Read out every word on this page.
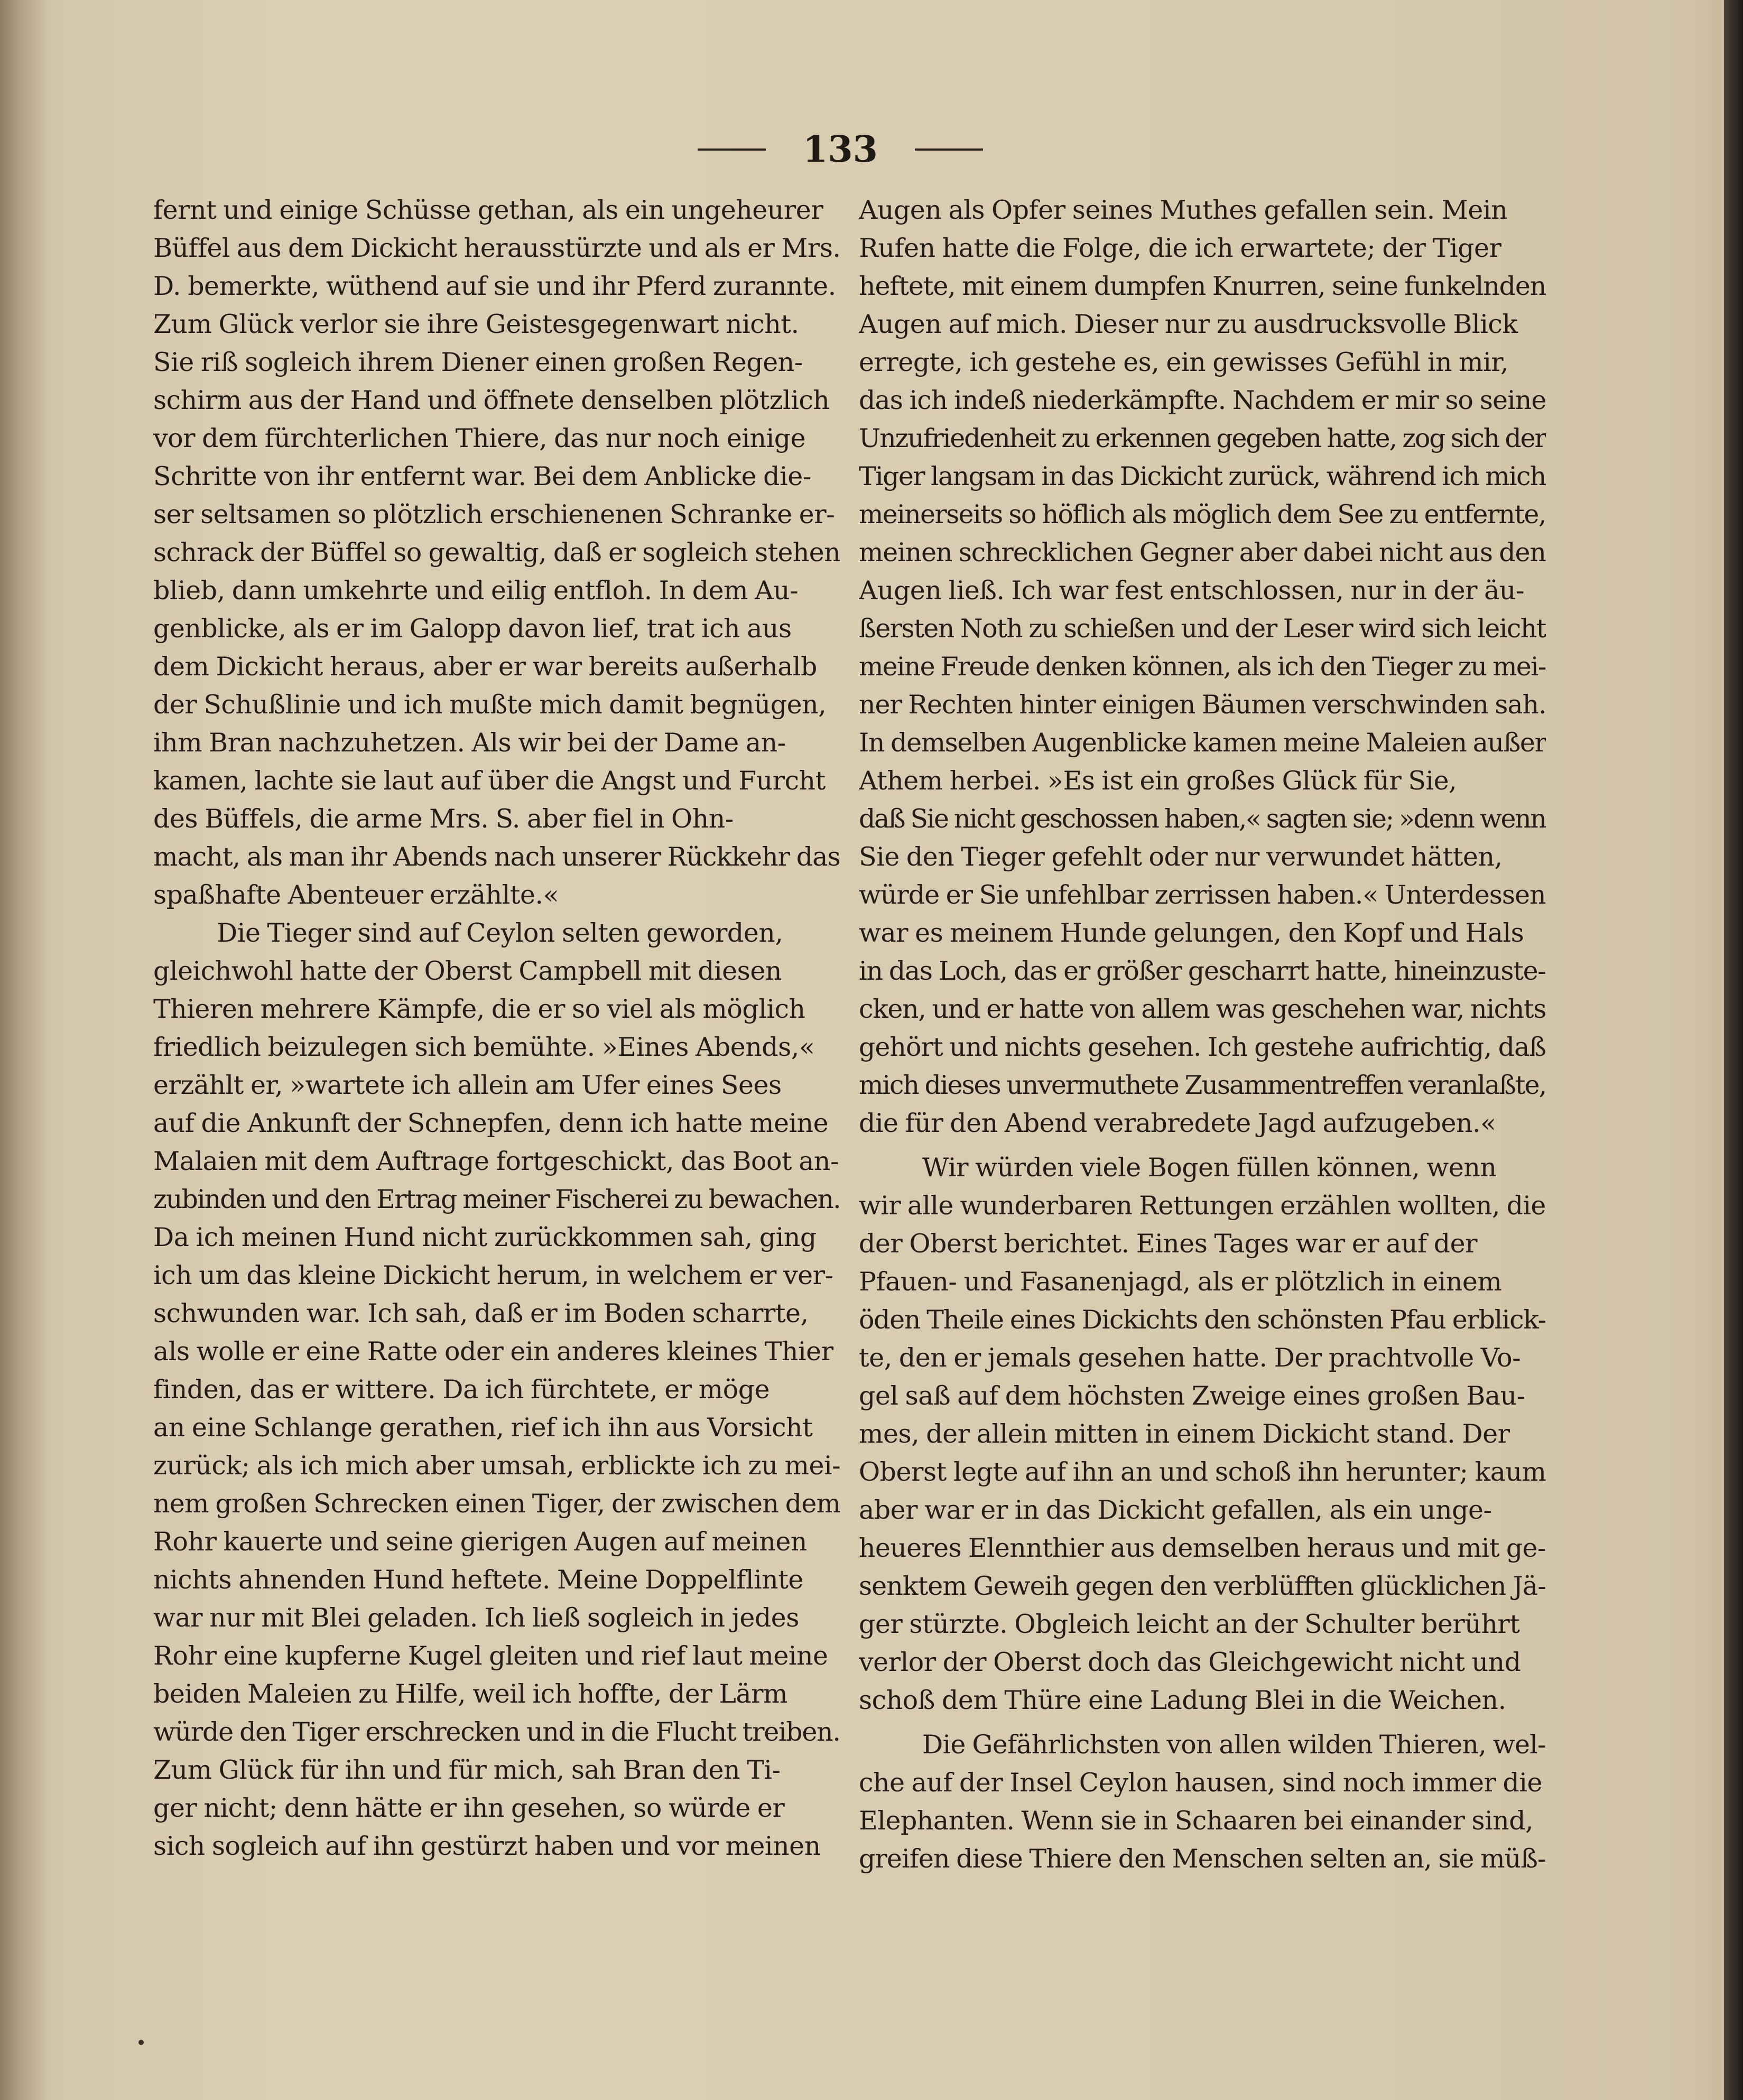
133
fernt und einige Schüsse gethan, als ein ungeheurer
Büffel aus dem Dickicht herausstürzte und als er Mrs.
D. bemerkte, wüthend auf sie und ihr Pferd zurannte.
Zum Glück verlor sie ihre Geistesgegenwart nicht.
Sie riß sogleich ihrem Diener einen großen Regen-
schirm aus der Hand und öffnete denselben plötzlich
vor dem fürchterlichen Thiere, das nur noch einige
Schritte von ihr entfernt war. Bei dem Anblicke die-
ser seltsamen so plötzlich erschienenen Schranke er-
schrack der Büffel so gewaltig, daß er sogleich stehen
blieb, dann umkehrte und eilig entfloh. In dem Au-
genblicke, als er im Galopp davon lief, trat ich aus
dem Dickicht heraus, aber er war bereits außerhalb
der Schußlinie und ich mußte mich damit begnügen,
ihm Bran nachzuhetzen. Als wir bei der Dame an-
kamen, lachte sie laut auf über die Angst und Furcht
des Büffels, die arme Mrs. S. aber fiel in Ohn-
macht, als man ihr Abends nach unserer Rückkehr das
spaßhafte Abenteuer erzählte.«
Die Tieger sind auf Ceylon selten geworden,
gleichwohl hatte der Oberst Campbell mit diesen
Thieren mehrere Kämpfe, die er so viel als möglich
friedlich beizulegen sich bemühte. »Eines Abends,«
erzählt er, »wartete ich allein am Ufer eines Sees
auf die Ankunft der Schnepfen, denn ich hatte meine
Malaien mit dem Auftrage fortgeschickt, das Boot an-
zubinden und den Ertrag meiner Fischerei zu bewachen.
Da ich meinen Hund nicht zurückkommen sah, ging
ich um das kleine Dickicht herum, in welchem er ver-
schwunden war. Ich sah, daß er im Boden scharrte,
als wolle er eine Ratte oder ein anderes kleines Thier
finden, das er wittere. Da ich fürchtete, er möge
an eine Schlange gerathen, rief ich ihn aus Vorsicht
zurück; als ich mich aber umsah, erblickte ich zu mei-
nem großen Schrecken einen Tiger, der zwischen dem
Rohr kauerte und seine gierigen Augen auf meinen
nichts ahnenden Hund heftete. Meine Doppelflinte
war nur mit Blei geladen. Ich ließ sogleich in jedes
Rohr eine kupferne Kugel gleiten und rief laut meine
beiden Maleien zu Hilfe, weil ich hoffte, der Lärm
würde den Tiger erschrecken und in die Flucht treiben.
Zum Glück für ihn und für mich, sah Bran den Ti-
ger nicht; denn hätte er ihn gesehen, so würde er
sich sogleich auf ihn gestürzt haben und vor meinen
Augen als Opfer seines Muthes gefallen sein. Mein
Rufen hatte die Folge, die ich erwartete; der Tiger
heftete, mit einem dumpfen Knurren, seine funkelnden
Augen auf mich. Dieser nur zu ausdrucksvolle Blick
erregte, ich gestehe es, ein gewisses Gefühl in mir,
das ich indeß niederkämpfte. Nachdem er mir so seine
Unzufriedenheit zu erkennen gegeben hatte, zog sich der
Tiger langsam in das Dickicht zurück, während ich mich
meinerseits so höflich als möglich dem See zu entfernte,
meinen schrecklichen Gegner aber dabei nicht aus den
Augen ließ. Ich war fest entschlossen, nur in der äu-
ßersten Noth zu schießen und der Leser wird sich leicht
meine Freude denken können, als ich den Tieger zu mei-
ner Rechten hinter einigen Bäumen verschwinden sah.
In demselben Augenblicke kamen meine Maleien außer
Athem herbei. »Es ist ein großes Glück für Sie,
daß Sie nicht geschossen haben,« sagten sie; »denn wenn
Sie den Tieger gefehlt oder nur verwundet hätten,
würde er Sie unfehlbar zerrissen haben.« Unterdessen
war es meinem Hunde gelungen, den Kopf und Hals
in das Loch, das er größer gescharrt hatte, hineinzuste-
cken, und er hatte von allem was geschehen war, nichts
gehört und nichts gesehen. Ich gestehe aufrichtig, daß
mich dieses unvermuthete Zusammentreffen veranlaßte,
die für den Abend verabredete Jagd aufzugeben.«
Wir würden viele Bogen füllen können, wenn
wir alle wunderbaren Rettungen erzählen wollten, die
der Oberst berichtet. Eines Tages war er auf der
Pfauen- und Fasanenjagd, als er plötzlich in einem
öden Theile eines Dickichts den schönsten Pfau erblick-
te, den er jemals gesehen hatte. Der prachtvolle Vo-
gel saß auf dem höchsten Zweige eines großen Bau-
mes, der allein mitten in einem Dickicht stand. Der
Oberst legte auf ihn an und schoß ihn herunter; kaum
aber war er in das Dickicht gefallen, als ein unge-
heueres Elennthier aus demselben heraus und mit ge-
senktem Geweih gegen den verblüfften glücklichen Jä-
ger stürzte. Obgleich leicht an der Schulter berührt
verlor der Oberst doch das Gleichgewicht nicht und
schoß dem Thüre eine Ladung Blei in die Weichen.
Die Gefährlichsten von allen wilden Thieren, wel-
che auf der Insel Ceylon hausen, sind noch immer die
Elephanten. Wenn sie in Schaaren bei einander sind,
greifen diese Thiere den Menschen selten an, sie müß-
